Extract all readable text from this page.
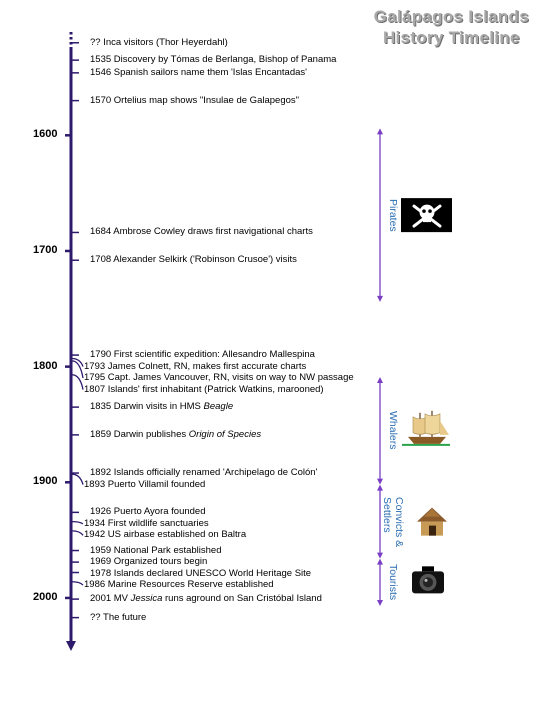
Galápagos Islands
History Timeline
1600
1700
1800
1900
2000
?? Inca visitors (Thor Heyerdahl)
1535 Discovery by Tómas de Berlanga, Bishop of Panama
1546 Spanish sailors name them 'Islas Encantadas'
1570 Ortelius map shows "Insulae de Galapegos"
1684 Ambrose Cowley draws first navigational charts
1708 Alexander Selkirk ('Robinson Crusoe') visits
1790 First scientific expedition: Allesandro Mallespina
1793 James Colnett, RN, makes first accurate charts
1795 Capt. James Vancouver, RN, visits on way to NW passage
1807 Islands' first inhabitant (Patrick Watkins, marooned)
1835 Darwin visits in HMS Beagle
1859 Darwin publishes Origin of Species
1892 Islands officially renamed 'Archipelago de Colón'
1893 Puerto Villamil founded
1926 Puerto Ayora founded
1934 First wildlife sanctuaries
1942 US airbase established on Baltra
1959 National Park established
1969 Organized tours begin
1978 Islands declared UNESCO World Heritage Site
1986 Marine Resources Reserve established
2001 MV Jessica runs aground on San Cristóbal Island
?? The future
Pirates
Whalers
Convicts &
Settlers
Tourists
